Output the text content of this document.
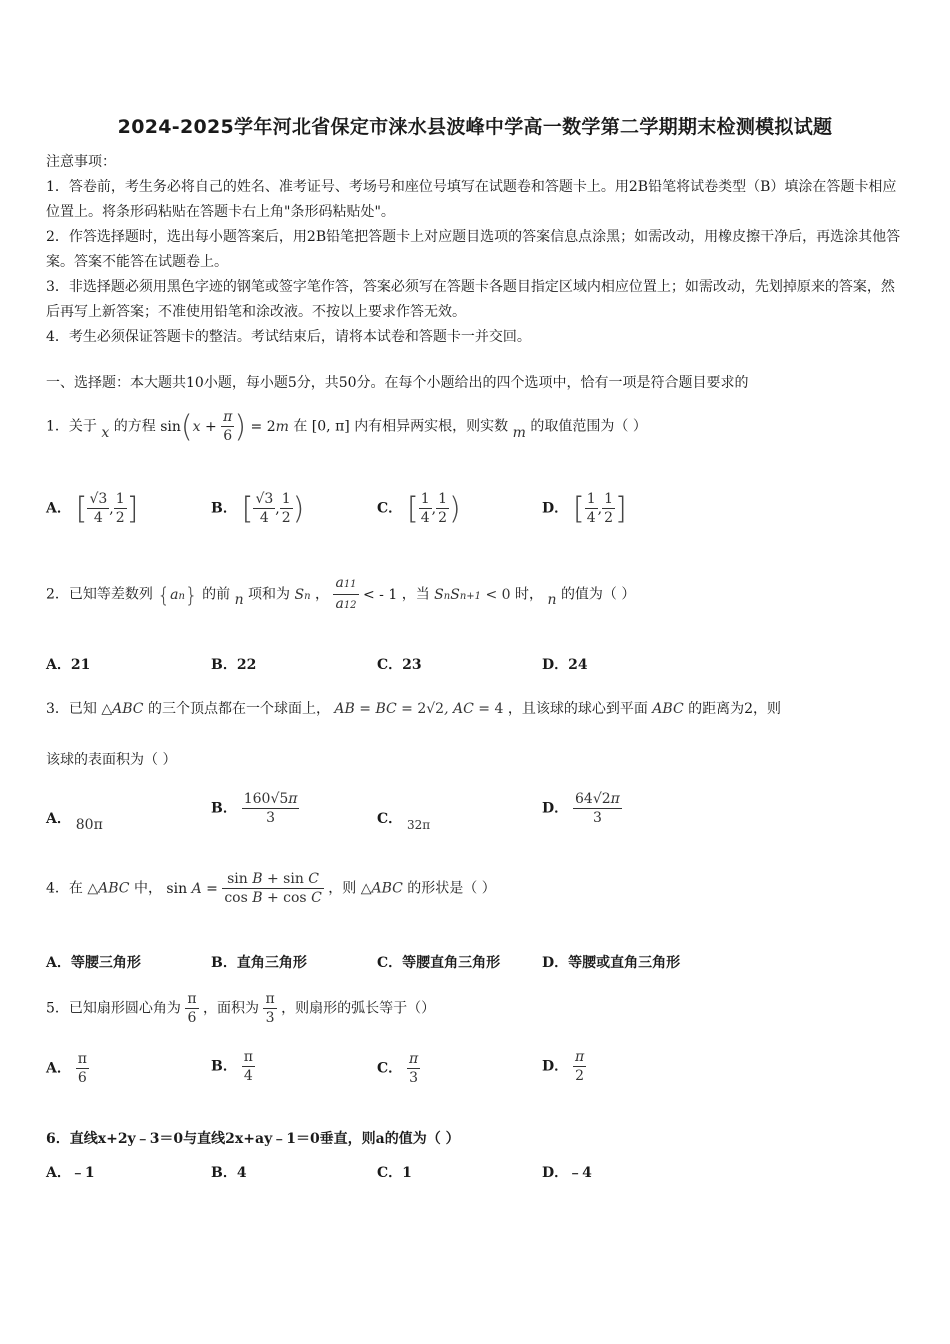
2024-2025学年河北省保定市涞水县波峰中学高一数学第二学期期末检测模拟试题

注意事项：

1．答卷前，考生务必将自己的姓名、准考证号、考场号和座位号填写在试题卷和答题卡上。用2B铅笔将试卷类型（B）填涂在答题卡相应位置上。将条形码粘贴在答题卡右上角"条形码粘贴处"。

2．作答选择题时，选出每小题答案后，用2B铅笔把答题卡上对应题目选项的答案信息点涂黑；如需改动，用橡皮擦干净后，再选涂其他答案。答案不能答在试题卷上。

3．非选择题必须用黑色字迹的钢笔或签字笔作答，答案必须写在答题卡各题目指定区域内相应位置上；如需改动，先划掉原来的答案，然后再写上新答案；不准使用铅笔和涂改液。不按以上要求作答无效。

4．考生必须保证答题卡的整洁。考试结束后，请将本试卷和答题卡一并交回。

一、选择题：本大题共10小题，每小题5分，共50分。在每个小题给出的四个选项中，恰有一项是符合题目要求的
1．关于 x 的方程 $\sin(x + \frac{\pi}{6}$ ) = 2m 在 [0, π] 内有相异两实根，则实数 m 的取值范围为（ ）
A． [ $\frac{√3}{4}$ , $\frac{1}{2}$ ]	B． [ $\frac{√3}{4}$ , $\frac{1}{2}$ )	C． [ $\frac{1}{4}$ , $\frac{1}{2}$ )	D． [ $\frac{1}{4}$ , $\frac{1}{2}$ ]
2．已知等差数列 {an} 的前 n 项和为 Sn ， $\frac{a11}{a12}$ < - 1 ，当 SnSn+1 < 0 时， n 的值为（ ）
A．21	B．22	C．23	D．24
3．已知 △ABC 的三个顶点都在一个球面上， AB = BC = 2√2, AC = 4 ，且该球的球心到平面 ABC 的距离为2，则
该球的表面积为（ ）
A． 80π
B． $\frac{160√5\pi}{3}$	C． 32π
D． $\frac{64√2\pi}{3}$
4．在 △ABC 中， $\sin A = \frac{\text{sin B + sin C}}{\text{cos B + cos C}}$ ，则 △ABC 的形状是（ ）
A．等腰三角形	B．直角三角形	C．等腰直角三角形	D．等腰或直角三角形
5．已知扇形圆心角为 $\frac{\pi}{6}$ ，面积为 $\frac{\pi}{3}$ ，则扇形的弧长等于（）
A． $\frac{\pi}{6}$	B． $\frac{\pi}{4}$	C． $\frac{\pi}{3}$	D． $\frac{\pi}{2}$
6．直线x+2y﹣3＝0与直线2x+ay﹣1＝0垂直，则a的值为（ ）
A．﹣1	B．4	C．1	D．﹣4
